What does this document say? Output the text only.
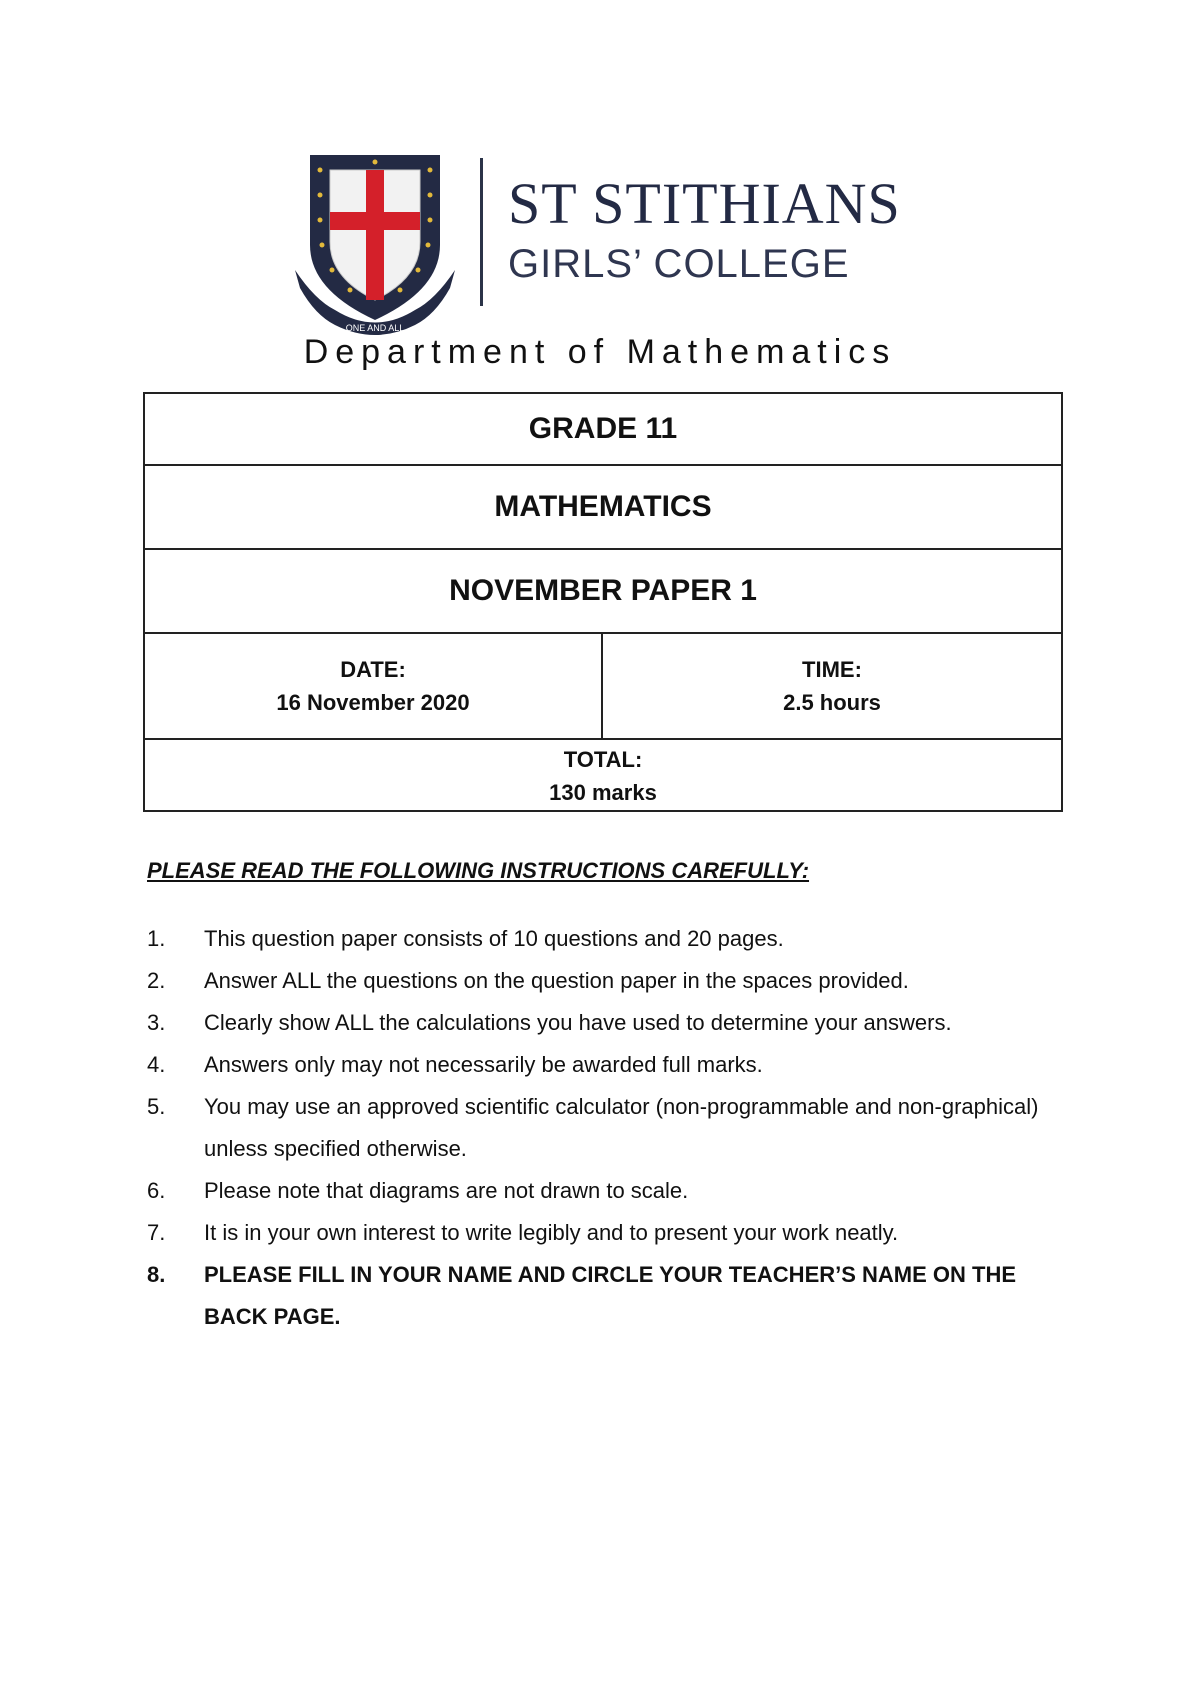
ONE AND ALL
ST STITHIANS
GIRLS’ COLLEGE
Department of Mathematics
GRADE 11
MATHEMATICS
NOVEMBER PAPER 1
DATE:
16 November 2020
TIME:
2.5 hours
TOTAL:
130 marks
PLEASE READ THE FOLLOWING INSTRUCTIONS CAREFULLY:
1. This question paper consists of 10 questions and 20 pages.
2. Answer ALL the questions on the question paper in the spaces provided.
3. Clearly show ALL the calculations you have used to determine your answers.
4. Answers only may not necessarily be awarded full marks.
5. You may use an approved scientific calculator (non-programmable and non-graphical) unless specified otherwise.
6. Please note that diagrams are not drawn to scale.
7. It is in your own interest to write legibly and to present your work neatly.
8. PLEASE FILL IN YOUR NAME AND CIRCLE YOUR TEACHER’S NAME ON THE BACK PAGE.
